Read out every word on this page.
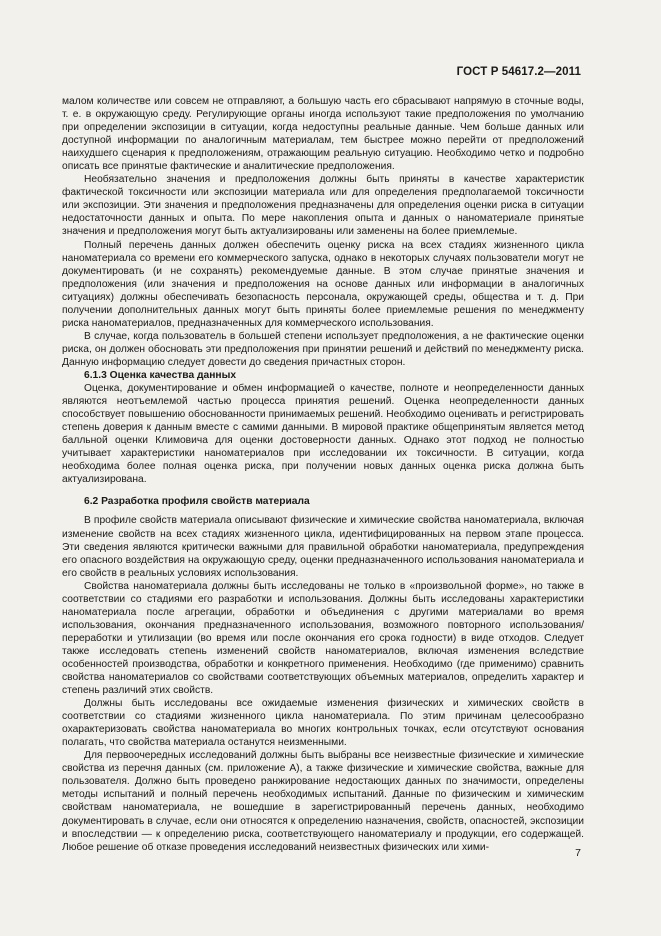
ГОСТ Р 54617.2—2011

малом количестве или совсем не отправляют, а большую часть его сбрасывают напрямую в сточные воды, т. е. в окружающую среду. Регулирующие органы иногда используют такие предположения по умолчанию при определении экспозиции в ситуации, когда недоступны реальные данные. Чем больше данных или доступной информации по аналогичным материалам, тем быстрее можно перейти от предположений наихудшего сценария к предположениям, отражающим реальную ситуацию. Необходимо четко и подробно описать все принятые фактические и аналитические предположения.

Необязательно значения и предположения должны быть приняты в качестве характеристик фактической токсичности или экспозиции материала или для определения предполагаемой токсичности или экспозиции. Эти значения и предположения предназначены для определения оценки риска в ситуации недостаточности данных и опыта. По мере накопления опыта и данных о наноматериале принятые значения и предположения могут быть актуализированы или заменены на более приемлемые.

Полный перечень данных должен обеспечить оценку риска на всех стадиях жизненного цикла наноматериала со времени его коммерческого запуска, однако в некоторых случаях пользователи могут не документировать (и не сохранять) рекомендуемые данные. В этом случае принятые значения и предположения (или значения и предположения на основе данных или информации в аналогичных ситуациях) должны обеспечивать безопасность персонала, окружающей среды, общества и т. д. При получении дополнительных данных могут быть приняты более приемлемые решения по менеджменту риска наноматериалов, предназначенных для коммерческого использования.

В случае, когда пользователь в большей степени использует предположения, а не фактические оценки риска, он должен обосновать эти предположения при принятии решений и действий по менеджменту риска. Данную информацию следует довести до сведения причастных сторон.

6.1.3 Оценка качества данных

Оценка, документирование и обмен информацией о качестве, полноте и неопределенности данных являются неотъемлемой частью процесса принятия решений. Оценка неопределенности данных способствует повышению обоснованности принимаемых решений. Необходимо оценивать и регистрировать степень доверия к данным вместе с самими данными. В мировой практике общепринятым является метод балльной оценки Климовича для оценки достоверности данных. Однако этот подход не полностью учитывает характеристики наноматериалов при исследовании их токсичности. В ситуации, когда необходима более полная оценка риска, при получении новых данных оценка риска должна быть актуализирована.

6.2 Разработка профиля свойств материала

В профиле свойств материала описывают физические и химические свойства наноматериала, включая изменение свойств на всех стадиях жизненного цикла, идентифицированных на первом этапе процесса. Эти сведения являются критически важными для правильной обработки наноматериала, предупреждения его опасного воздействия на окружающую среду, оценки предназначенного использования наноматериала и его свойств в реальных условиях использования.

Свойства наноматериала должны быть исследованы не только в «произвольной форме», но также в соответствии со стадиями его разработки и использования. Должны быть исследованы характеристики наноматериала после агрегации, обработки и объединения с другими материалами во время использования, окончания предназначенного использования, возможного повторного использования/переработки и утилизации (во время или после окончания его срока годности) в виде отходов. Следует также исследовать степень изменений свойств наноматериалов, включая изменения вследствие особенностей производства, обработки и конкретного применения. Необходимо (где применимо) сравнить свойства наноматериалов со свойствами соответствующих объемных материалов, определить характер и степень различий этих свойств.

Должны быть исследованы все ожидаемые изменения физических и химических свойств в соответствии со стадиями жизненного цикла наноматериала. По этим причинам целесообразно охарактеризовать свойства наноматериала во многих контрольных точках, если отсутствуют основания полагать, что свойства материала останутся неизменными.

Для первоочередных исследований должны быть выбраны все неизвестные физические и химические свойства из перечня данных (см. приложение А), а также физические и химические свойства, важные для пользователя. Должно быть проведено ранжирование недостающих данных по значимости, определены методы испытаний и полный перечень необходимых испытаний. Данные по физическим и химическим свойствам наноматериала, не вошедшие в зарегистрированный перечень данных, необходимо документировать в случае, если они относятся к определению назначения, свойств, опасностей, экспозиции и впоследствии — к определению риска, соответствующего наноматериалу и продукции, его содержащей. Любое решение об отказе проведения исследований неизвестных физических или хими-	7
